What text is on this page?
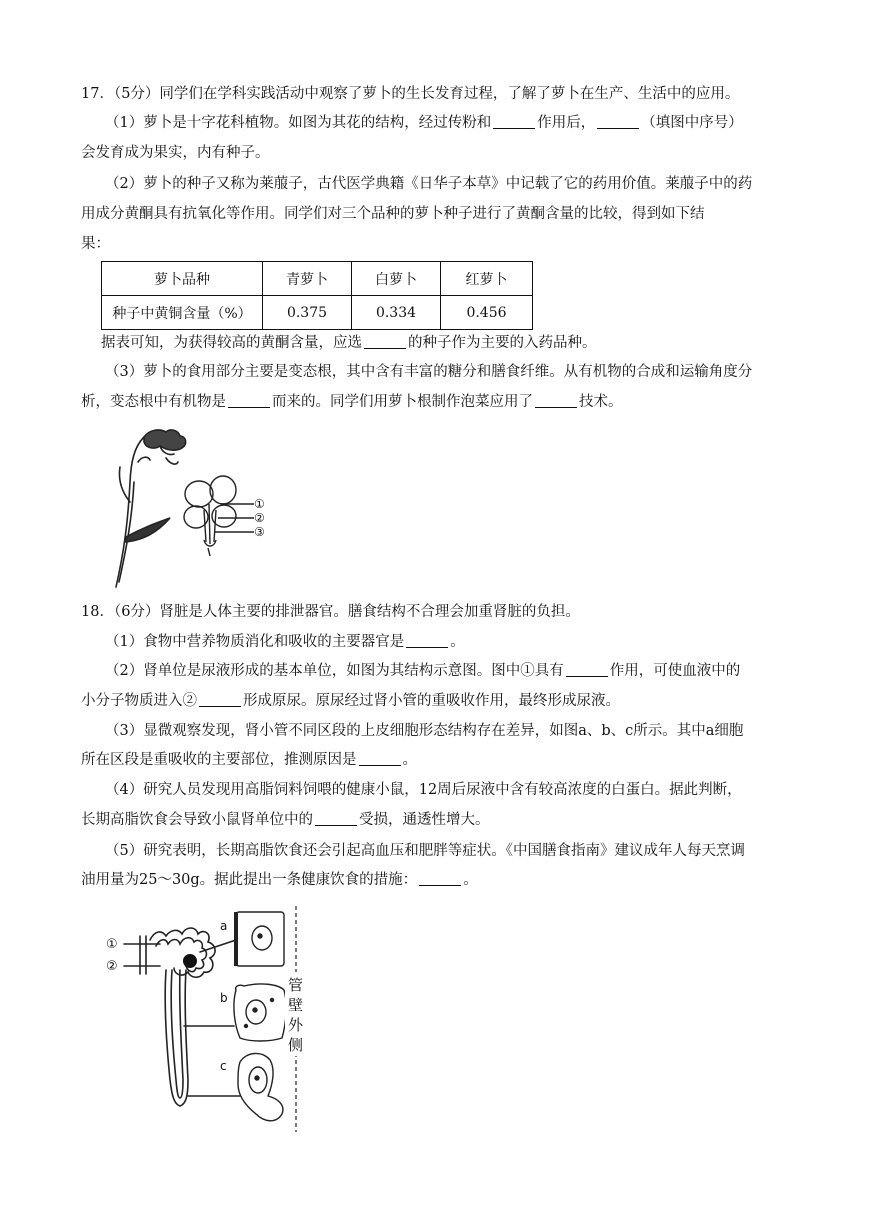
17．（5分）同学们在学科实践活动中观察了萝卜的生长发育过程，了解了萝卜在生产、生活中的应用。
（1）萝卜是十字花科植物。如图为其花的结构，经过传粉和	作用后，	（填图中序号）
会发育成为果实，内有种子。
（2）萝卜的种子又称为莱菔子，古代医学典籍《日华子本草》中记载了它的药用价值。莱菔子中的药
用成分黄酮具有抗氧化等作用。同学们对三个品种的萝卜种子进行了黄酮含量的比较，得到如下结
果：
萝卜品种	青萝卜	白萝卜	红萝卜
种子中黄铜含量（%）	0.375	0.334	0.456
据表可知，为获得较高的黄酮含量，应选	的种子作为主要的入药品种。
（3）萝卜的食用部分主要是变态根，其中含有丰富的糖分和膳食纤维。从有机物的合成和运输角度分
析，变态根中有机物是	而来的。同学们用萝卜根制作泡菜应用了	技术。
①
②
③
18．（6分）肾脏是人体主要的排泄器官。膳食结构不合理会加重肾脏的负担。
（1）食物中营养物质消化和吸收的主要器官是	。
（2）肾单位是尿液形成的基本单位，如图为其结构示意图。图中①具有	作用，可使血液中的
小分子物质进入②	形成原尿。原尿经过肾小管的重吸收作用，最终形成尿液。
（3）显微观察发现，肾小管不同区段的上皮细胞形态结构存在差异，如图a、b、c所示。其中a细胞
所在区段是重吸收的主要部位，推测原因是	。
（4）研究人员发现用高脂饲料饲喂的健康小鼠，12周后尿液中含有较高浓度的白蛋白。据此判断，
长期高脂饮食会导致小鼠肾单位中的	受损，通透性增大。
（5）研究表明，长期高脂饮食还会引起高血压和肥胖等症状。《中国膳食指南》建议成年人每天烹调
油用量为25～30g。据此提出一条健康饮食的措施：	。
①
②
a
b
c
管
壁
外
侧
